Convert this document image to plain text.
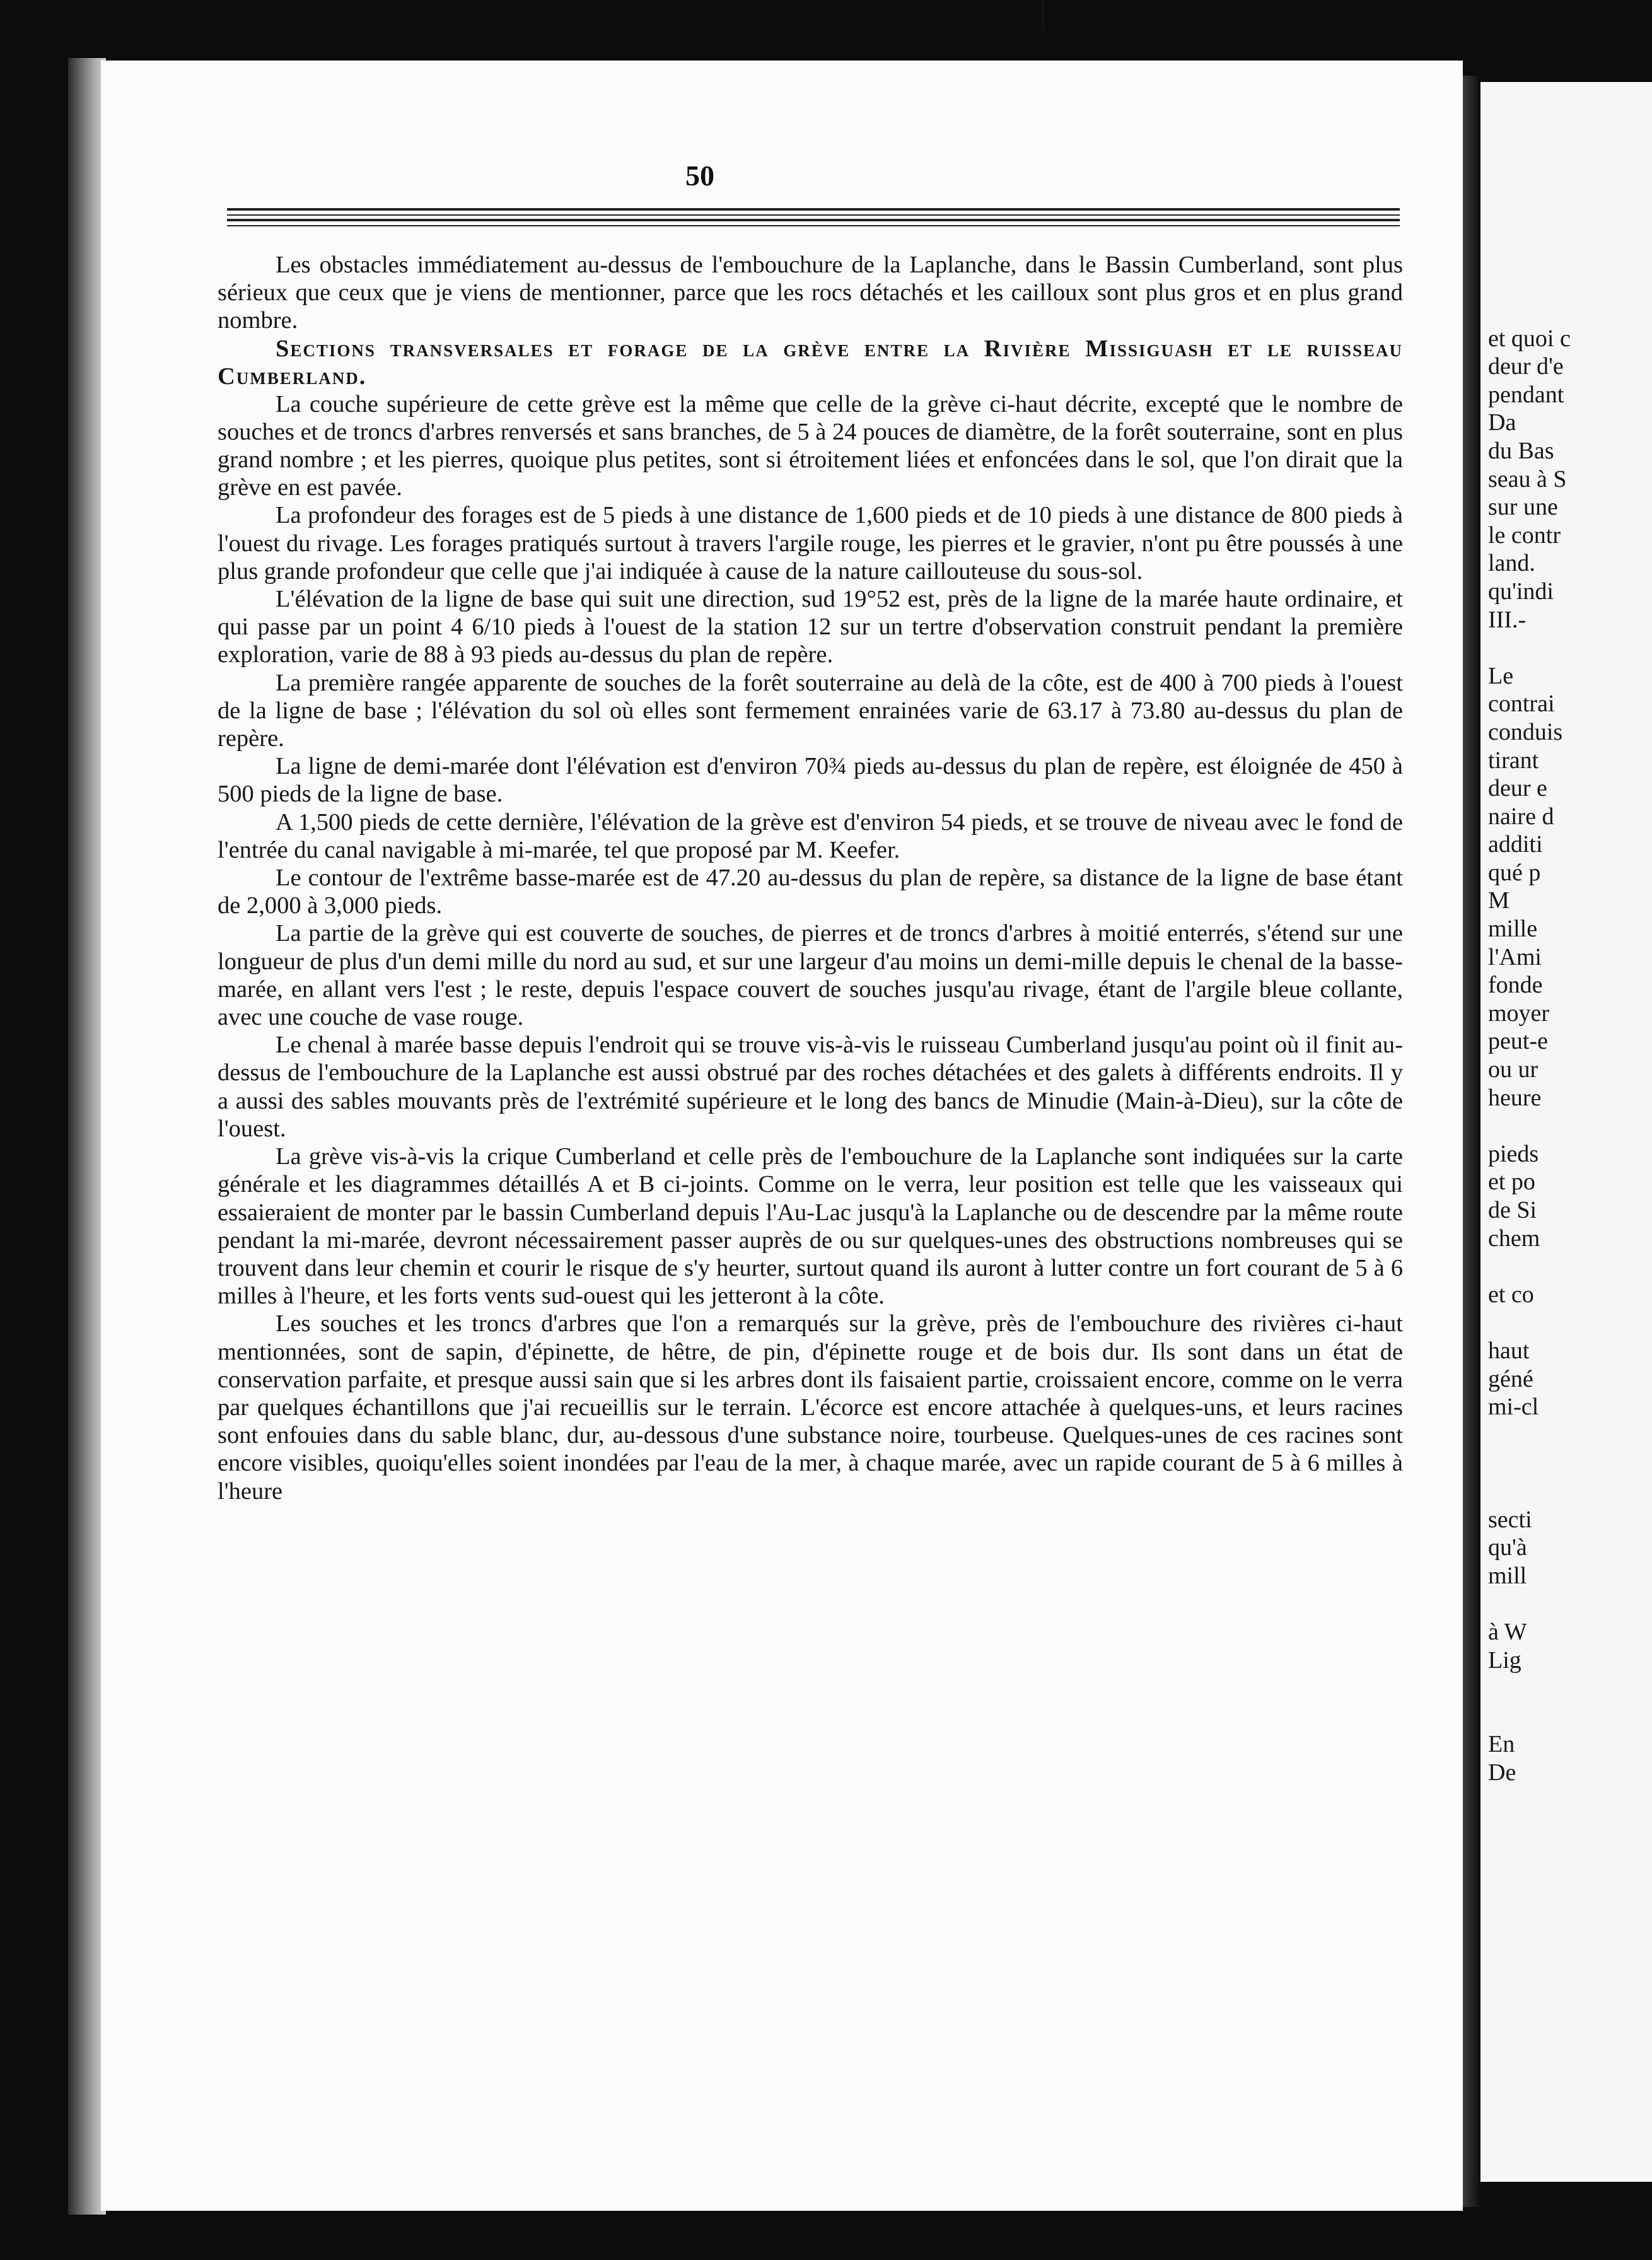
et quoi c
deur d'e
pendant
Da
du Bas
seau à S
sur une
le contr
land.
qu'indi
III.-
Le
contrai
conduis
tirant
deur e
naire d
additi
qué p
M
mille
l'Ami
fonde
moyer
peut-e
ou ur
heure
pieds
et po
de Si
chem
et co
haut
géné
mi-cl
secti
qu'à
mill
à W
Lig
En
De
50

Les obstacles immédiatement au-dessus de l'embouchure de la Laplanche, dans le Bassin Cumberland, sont plus sérieux que ceux que je viens de mentionner, parce que les rocs détachés et les cailloux sont plus gros et en plus grand nombre.

Sections transversales et forage de la grève entre la Rivière Missiguash et le ruisseau Cumberland.

La couche supérieure de cette grève est la même que celle de la grève ci-haut décrite, excepté que le nombre de souches et de troncs d'arbres renversés et sans branches, de 5 à 24 pouces de diamètre, de la forêt souterraine, sont en plus grand nombre ; et les pierres, quoique plus petites, sont si étroitement liées et enfoncées dans le sol, que l'on dirait que la grève en est pavée.

La profondeur des forages est de 5 pieds à une distance de 1,600 pieds et de 10 pieds à une distance de 800 pieds à l'ouest du rivage. Les forages pratiqués surtout à travers l'argile rouge, les pierres et le gravier, n'ont pu être poussés à une plus grande profondeur que celle que j'ai indiquée à cause de la nature caillouteuse du sous-sol.

L'élévation de la ligne de base qui suit une direction, sud 19°52 est, près de la ligne de la marée haute ordinaire, et qui passe par un point 4 6/10 pieds à l'ouest de la station 12 sur un tertre d'observation construit pendant la première exploration, varie de 88 à 93 pieds au-dessus du plan de repère.

La première rangée apparente de souches de la forêt souterraine au delà de la côte, est de 400 à 700 pieds à l'ouest de la ligne de base ; l'élévation du sol où elles sont fermement enrainées varie de 63.17 à 73.80 au-dessus du plan de repère.

La ligne de demi-marée dont l'élévation est d'environ 70¾ pieds au-dessus du plan de repère, est éloignée de 450 à 500 pieds de la ligne de base.

A 1,500 pieds de cette dernière, l'élévation de la grève est d'environ 54 pieds, et se trouve de niveau avec le fond de l'entrée du canal navigable à mi-marée, tel que proposé par M. Keefer.

Le contour de l'extrême basse-marée est de 47.20 au-dessus du plan de repère, sa distance de la ligne de base étant de 2,000 à 3,000 pieds.

La partie de la grève qui est couverte de souches, de pierres et de troncs d'arbres à moitié enterrés, s'étend sur une longueur de plus d'un demi mille du nord au sud, et sur une largeur d'au moins un demi-mille depuis le chenal de la basse-marée, en allant vers l'est ; le reste, depuis l'espace couvert de souches jusqu'au rivage, étant de l'argile bleue collante, avec une couche de vase rouge.

Le chenal à marée basse depuis l'endroit qui se trouve vis-à-vis le ruisseau Cumberland jusqu'au point où il finit au-dessus de l'embouchure de la Laplanche est aussi obstrué par des roches détachées et des galets à différents endroits. Il y a aussi des sables mouvants près de l'extrémité supérieure et le long des bancs de Minudie (Main-à-Dieu), sur la côte de l'ouest.

La grève vis-à-vis la crique Cumberland et celle près de l'embouchure de la Laplanche sont indiquées sur la carte générale et les diagrammes détaillés A et B ci-joints. Comme on le verra, leur position est telle que les vaisseaux qui essaieraient de monter par le bassin Cumberland depuis l'Au-Lac jusqu'à la Laplanche ou de descendre par la même route pendant la mi-marée, devront nécessairement passer auprès de ou sur quelques-unes des obstructions nombreuses qui se trouvent dans leur chemin et courir le risque de s'y heurter, surtout quand ils auront à lutter contre un fort courant de 5 à 6 milles à l'heure, et les forts vents sud-ouest qui les jetteront à la côte.

Les souches et les troncs d'arbres que l'on a remarqués sur la grève, près de l'embouchure des rivières ci-haut mentionnées, sont de sapin, d'épinette, de hêtre, de pin, d'épinette rouge et de bois dur. Ils sont dans un état de conservation parfaite, et presque aussi sain que si les arbres dont ils faisaient partie, croissaient encore, comme on le verra par quelques échantillons que j'ai recueillis sur le terrain. L'écorce est encore attachée à quelques-uns, et leurs racines sont enfouies dans du sable blanc, dur, au-dessous d'une substance noire, tourbeuse. Quelques-unes de ces racines sont encore visibles, quoiqu'elles soient inondées par l'eau de la mer, à chaque marée, avec un rapide courant de 5 à 6 milles à l'heure
